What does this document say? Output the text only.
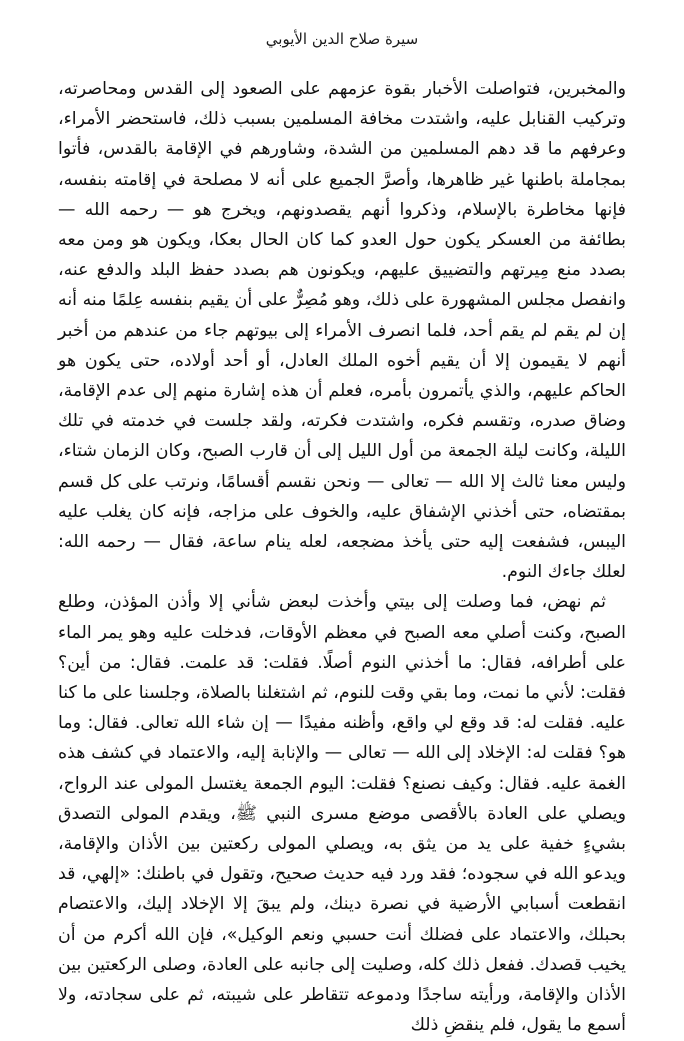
سيرة صلاح الدين الأيوبي

والمخبرين، فتواصلت الأخبار بقوة عزمهم على الصعود إلى القدس ومحاصرته، وتركيب القنابل عليه، واشتدت مخافة المسلمين بسبب ذلك، فاستحضر الأمراء، وعرفهم ما قد دهم المسلمين من الشدة، وشاورهم في الإقامة بالقدس، فأتوا بمجاملة باطنها غير ظاهرها، وأصرَّ الجميع على أنه لا مصلحة في إقامته بنفسه، فإنها مخاطرة بالإسلام، وذكروا أنهم يقصدونهم، ويخرج هو — رحمه الله — بطائفة من العسكر يكون حول العدو كما كان الحال بعكا، ويكون هو ومن معه بصدد منع مِيرتهم والتضييق عليهم، ويكونون هم بصدد حفظ البلد والدفع عنه، وانفصل مجلس المشهورة على ذلك، وهو مُصِرٌّ على أن يقيم بنفسه عِلمًا منه أنه إن لم يقم لم يقم أحد، فلما انصرف الأمراء إلى بيوتهم جاء من عندهم من أخبر أنهم لا يقيمون إلا أن يقيم أخوه الملك العادل، أو أحد أولاده، حتى يكون هو الحاكم عليهم، والذي يأتمرون بأمره، فعلم أن هذه إشارة منهم إلى عدم الإقامة، وضاق صدره، وتقسم فكره، واشتدت فكرته، ولقد جلست في خدمته في تلك الليلة، وكانت ليلة الجمعة من أول الليل إلى أن قارب الصبح، وكان الزمان شتاء، وليس معنا ثالث إلا الله — تعالى — ونحن نقسم أقسامًا، ونرتب على كل قسم بمقتضاه، حتى أخذني الإشفاق عليه، والخوف على مزاجه، فإنه كان يغلب عليه اليبس، فشفعت إليه حتى يأخذ مضجعه، لعله ينام ساعة، فقال — رحمه الله: لعلك جاءك النوم.

ثم نهض، فما وصلت إلى بيتي وأخذت لبعض شأني إلا وأذن المؤذن، وطلع الصبح، وكنت أصلي معه الصبح في معظم الأوقات، فدخلت عليه وهو يمر الماء على أطرافه، فقال: ما أخذني النوم أصلًا. فقلت: قد علمت. فقال: من أين؟ فقلت: لأني ما نمت، وما بقي وقت للنوم، ثم اشتغلنا بالصلاة، وجلسنا على ما كنا عليه. فقلت له: قد وقع لي واقع، وأظنه مفيدًا — إن شاء الله تعالى. فقال: وما هو؟ فقلت له: الإخلاد إلى الله — تعالى — والإنابة إليه، والاعتماد في كشف هذه الغمة عليه. فقال: وكيف نصنع؟ فقلت: اليوم الجمعة يغتسل المولى عند الرواح، ويصلي على العادة بالأقصى موضع مسرى النبي ﷺ، ويقدم المولى التصدق بشيءٍ خفية على يد من يثق به، ويصلي المولى ركعتين بين الأذان والإقامة، ويدعو الله في سجوده؛ فقد ورد فيه حديث صحيح، وتقول في باطنك: «إلهي، قد انقطعت أسبابي الأرضية في نصرة دينك، ولم يبقَ إلا الإخلاد إليك، والاعتصام بحبلك، والاعتماد على فضلك أنت حسبي ونعم الوكيل»، فإن الله أكرم من أن يخيب قصدك. ففعل ذلك كله، وصليت إلى جانبه على العادة، وصلى الركعتين بين الأذان والإقامة، ورأيته ساجدًا ودموعه تتقاطر على شيبته، ثم على سجادته، ولا أسمع ما يقول، فلم ينقضِ ذلك
